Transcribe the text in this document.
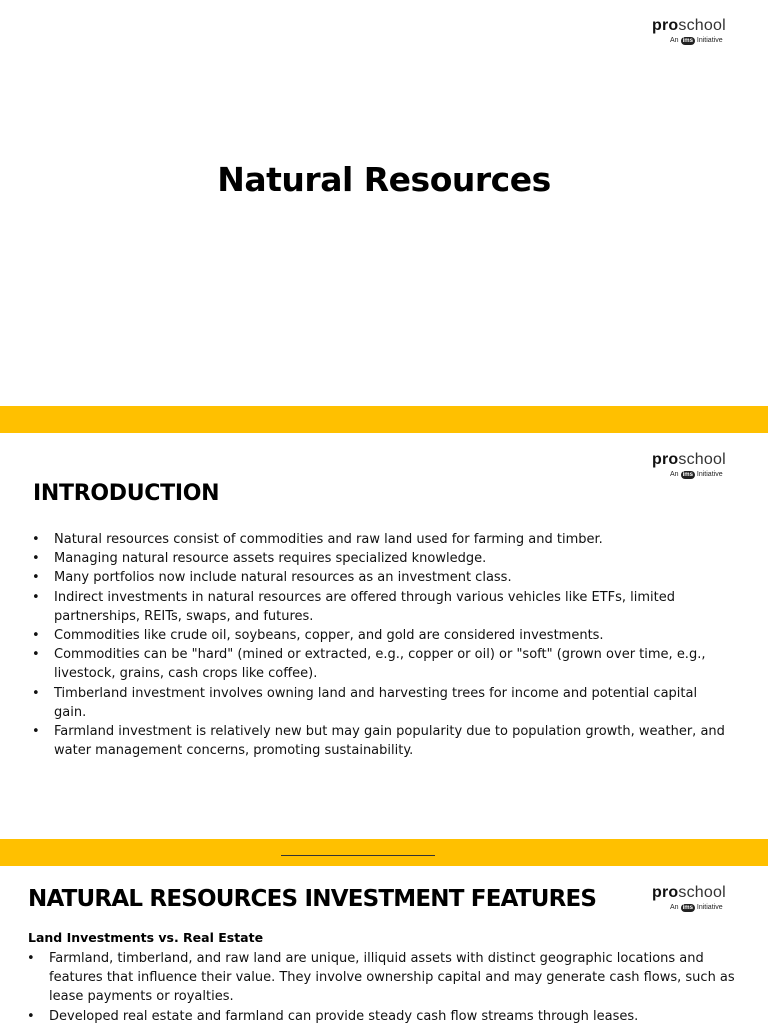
proschool
An ims Initiative
Natural Resources
proschool
An ims Initiative
INTRODUCTION
• Natural resources consist of commodities and raw land used for farming and timber.
• Managing natural resource assets requires specialized knowledge.
• Many portfolios now include natural resources as an investment class.
• Indirect investments in natural resources are offered through various vehicles like ETFs, limited partnerships, REITs, swaps, and futures.
• Commodities like crude oil, soybeans, copper, and gold are considered investments.
• Commodities can be "hard" (mined or extracted, e.g., copper or oil) or "soft" (grown over time, e.g., livestock, grains, cash crops like coffee).
• Timberland investment involves owning land and harvesting trees for income and potential capital gain.
• Farmland investment is relatively new but may gain popularity due to population growth, weather, and water management concerns, promoting sustainability.
proschool
An ims Initiative
NATURAL RESOURCES INVESTMENT FEATURES
Land Investments vs. Real Estate
• Farmland, timberland, and raw land are unique, illiquid assets with distinct geographic locations and features that influence their value. They involve ownership capital and may generate cash flows, such as lease payments or royalties.
• Developed real estate and farmland can provide steady cash flow streams through leases.
